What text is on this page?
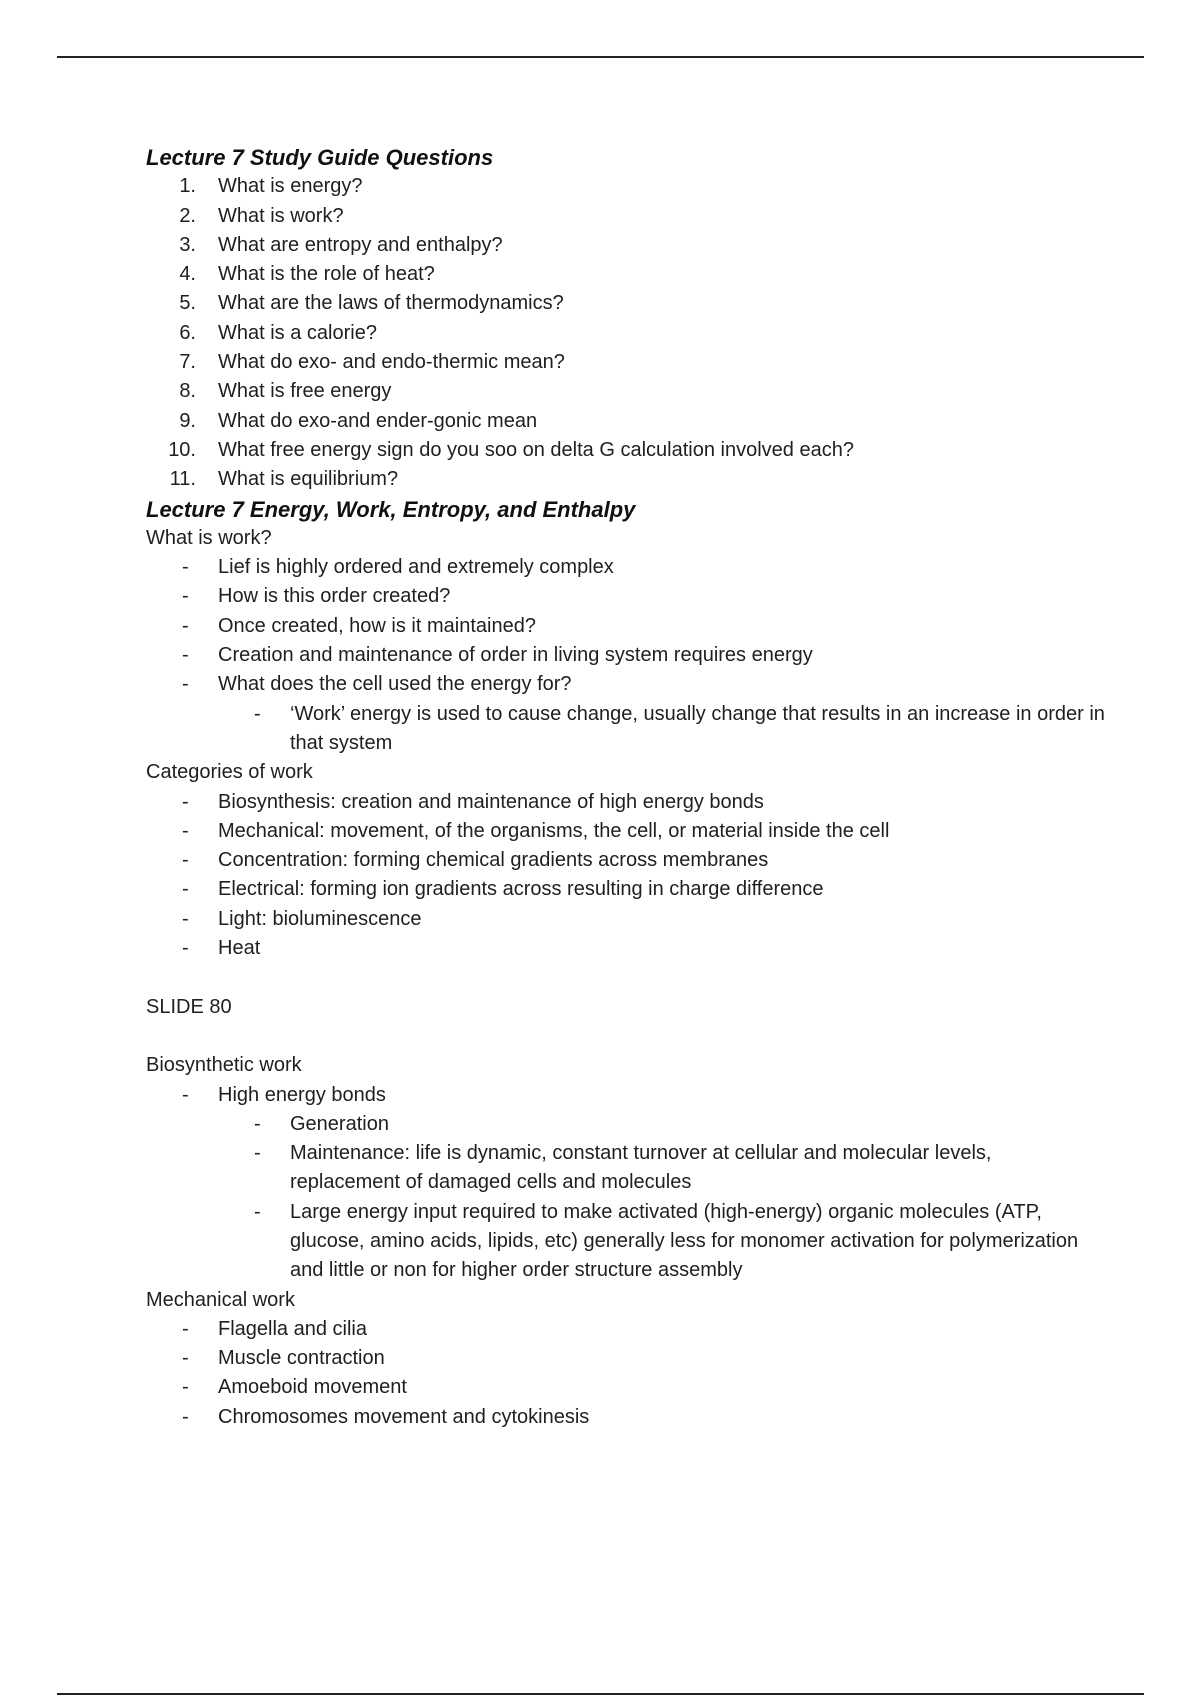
Lecture 7 Study Guide Questions
1. What is energy?
2. What is work?
3. What are entropy and enthalpy?
4. What is the role of heat?
5. What are the laws of thermodynamics?
6. What is a calorie?
7. What do exo- and endo-thermic mean?
8. What is free energy
9. What do exo-and ender-gonic mean
10. What free energy sign do you soo on delta G calculation involved each?
11. What is equilibrium?
Lecture 7 Energy, Work, Entropy, and Enthalpy
What is work?
- Lief is highly ordered and extremely complex
- How is this order created?
- Once created, how is it maintained?
- Creation and maintenance of order in living system requires energy
- What does the cell used the energy for?
- ‘Work’ energy is used to cause change, usually change that results in an increase in order in that system
Categories of work
- Biosynthesis: creation and maintenance of high energy bonds
- Mechanical: movement, of the organisms, the cell, or material inside the cell
- Concentration: forming chemical gradients across membranes
- Electrical: forming ion gradients across resulting in charge difference
- Light: bioluminescence
- Heat
SLIDE 80
Biosynthetic work
- High energy bonds
- Generation
- Maintenance: life is dynamic, constant turnover at cellular and molecular levels, replacement of damaged cells and molecules
- Large energy input required to make activated (high-energy) organic molecules (ATP, glucose, amino acids, lipids, etc) generally less for monomer activation for polymerization and little or non for higher order structure assembly
Mechanical work
- Flagella and cilia
- Muscle contraction
- Amoeboid movement
- Chromosomes movement and cytokinesis
